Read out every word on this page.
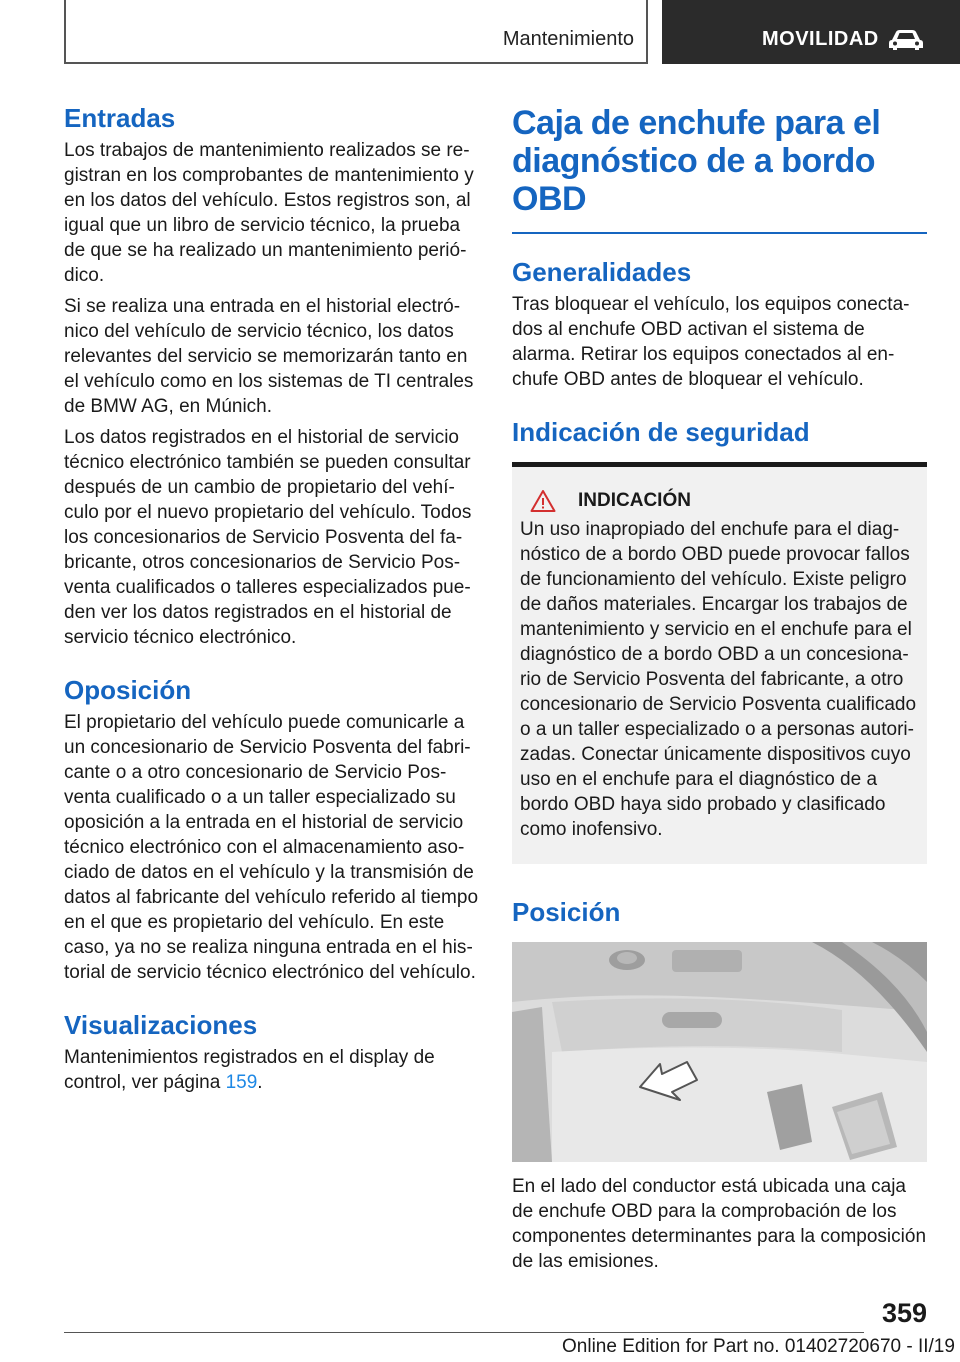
Mantenimiento	MOVILIDAD
Entradas

Los trabajos de mantenimiento realizados se registran en los comprobantes de mantenimiento y en los datos del vehículo. Estos registros son, al igual que un libro de servicio técnico, la prueba de que se ha realizado un mantenimiento periódico.

Si se realiza una entrada en el historial electrónico del vehículo de servicio técnico, los datos relevantes del servicio se memorizarán tanto en el vehículo como en los sistemas de TI centrales de BMW AG, en Múnich.

Los datos registrados en el historial de servicio técnico electrónico también se pueden consultar después de un cambio de propietario del vehículo por el nuevo propietario del vehículo. Todos los concesionarios de Servicio Posventa del fabricante, otros concesionarios de Servicio Posventa cualificados o talleres especializados pueden ver los datos registrados en el historial de servicio técnico electrónico.

Oposición

El propietario del vehículo puede comunicarle a un concesionario de Servicio Posventa del fabricante o a otro concesionario de Servicio Posventa cualificado o a un taller especializado su oposición a la entrada en el historial de servicio técnico electrónico con el almacenamiento asociado de datos en el vehículo y la transmisión de datos al fabricante del vehículo referido al tiempo en el que es propietario del vehículo. En este caso, ya no se realiza ninguna entrada en el historial de servicio técnico electrónico del vehículo.

Visualizaciones

Mantenimientos registrados en el display de control, ver página 159.

Caja de enchufe para el diagnóstico de a bordo OBD
Generalidades

Tras bloquear el vehículo, los equipos conectados al enchufe OBD activan el sistema de alarma. Retirar los equipos conectados al enchufe OBD antes de bloquear el vehículo.

Indicación de seguridad
INDICACIÓN

Un uso inapropiado del enchufe para el diagnóstico de a bordo OBD puede provocar fallos de funcionamiento del vehículo. Existe peligro de daños materiales. Encargar los trabajos de mantenimiento y servicio en el enchufe para el diagnóstico de a bordo OBD a un concesionario de Servicio Posventa del fabricante, a otro concesionario de Servicio Posventa cualificado o a un taller especializado o a personas autorizadas. Conectar únicamente dispositivos cuyo uso en el enchufe para el diagnóstico de a bordo OBD haya sido probado y clasificado como inofensivo.

Posición

En el lado del conductor está ubicada una caja de enchufe OBD para la comprobación de los componentes determinantes para la composición de las emisiones.

359
Online Edition for Part no. 01402720670 - II/19
